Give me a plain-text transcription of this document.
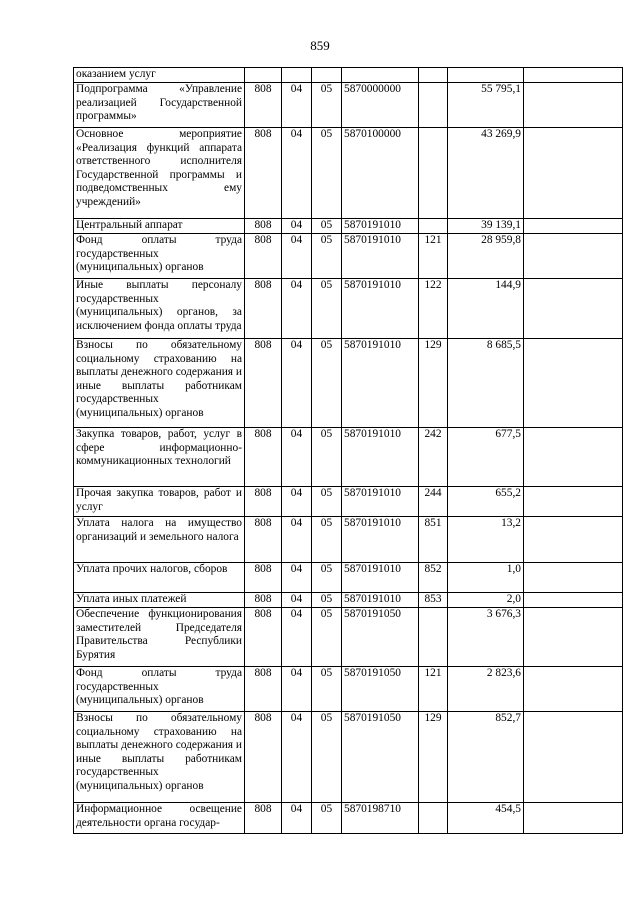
859
оказанием услуг							
Подпрограмма «Управление реализацией Государственной программы»	808	04	05	5870000000		55 795,1	
Основное мероприятие «Реализация функций аппарата ответственного исполнителя Государственной программы и подведомственных ему учреждений»	808	04	05	5870100000		43 269,9	
Центральный аппарат	808	04	05	5870191010		39 139,1	
Фонд оплаты труда государственных (муниципальных) органов	808	04	05	5870191010	121	28 959,8	
Иные выплаты персоналу государственных (муниципальных) органов, за исключением фонда оплаты труда	808	04	05	5870191010	122	144,9	
Взносы по обязательному социальному страхованию на выплаты денежного содержания и иные выплаты работникам государственных (муниципальных) органов	808	04	05	5870191010	129	8 685,5	
Закупка товаров, работ, услуг в сфере информационно-коммуникационных технологий	808	04	05	5870191010	242	677,5	
Прочая закупка товаров, работ и услуг	808	04	05	5870191010	244	655,2	
Уплата налога на имущество организаций и земельного налога	808	04	05	5870191010	851	13,2	
Уплата прочих налогов, сборов	808	04	05	5870191010	852	1,0	
Уплата иных платежей	808	04	05	5870191010	853	2,0	
Обеспечение функционирования заместителей Председателя Правительства Республики Бурятия	808	04	05	5870191050		3 676,3	
Фонд оплаты труда государственных (муниципальных) органов	808	04	05	5870191050	121	2 823,6	
Взносы по обязательному социальному страхованию на выплаты денежного содержания и иные выплаты работникам государственных (муниципальных) органов	808	04	05	5870191050	129	852,7	
Информационное освещение деятельности органа государ-	808	04	05	5870198710		454,5	
